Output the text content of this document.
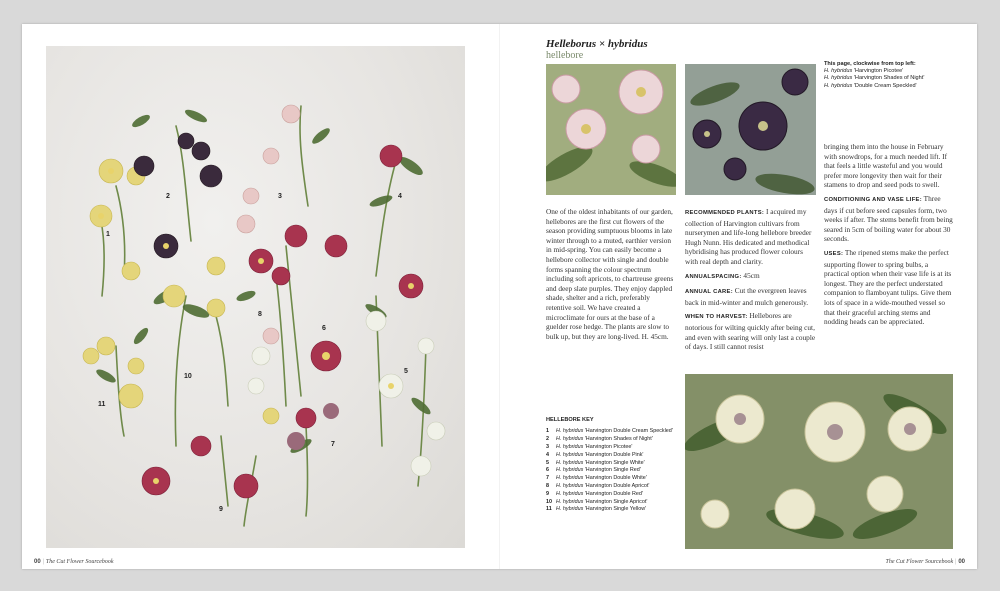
1
2	3	4
5
6
7
8
9
10
11
Helleborus × hybridus
hellebore
This page, clockwise from top left:
H. hybridus 'Harvington Picotee'
H. hybridus 'Harvington Shades of Night'
H. hybridus 'Double Cream Speckled'

One of the oldest inhabitants of our garden, hellebores are the first cut flowers of the season providing sumptuous blooms in late winter through to a muted, earthier version in mid-spring. You can easily become a hellebore collector with single and double forms spanning the colour spectrum including soft apricots, to chartreuse greens and deep slate purples. They enjoy dappled shade, shelter and a rich, preferably retentive soil. We have created a microclimate for ours at the base of a guelder rose hedge. The plants are slow to bulk up, but they are long-lived. H. 45cm.

RECOMMENDED PLANTS: I acquired my collection of Harvington cultivars from nurserymen and life-long hellebore breeder Hugh Nunn. His dedicated and methodical hybridising has produced flower colours with real depth and clarity.

ANNUALSPACING: 45cm

ANNUAL CARE: Cut the evergreen leaves back in mid-winter and mulch generously.

WHEN TO HARVEST: Hellebores are notorious for wilting quickly after being cut, and even with searing will only last a couple of days. I still cannot resist

bringing them into the house in February with snowdrops, for a much needed lift. If that feels a little wasteful and you would prefer more longevity then wait for their stamens to drop and seed pods to swell.

CONDITIONING AND VASE LIFE: Three days if cut before seed capsules form, two weeks if after. The stems benefit from being seared in 5cm of boiling water for about 30 seconds.

USES: The ripened stems make the perfect supporting flower to spring bulbs, a practical option when their vase life is at its longest. They are the perfect understated companion to flamboyant tulips. Give them lots of space in a wide-mouthed vessel so that their graceful arching stems and nodding heads can be appreciated.

HELLEBORE KEY
1	H. hybridus 'Harvington Double Cream Speckled'
2	H. hybridus 'Harvington Shades of Night'
3	H. hybridus 'Harvington Picotee'
4	H. hybridus 'Harvington Double Pink'
5	H. hybridus 'Harvington Single White'
6	H. hybridus 'Harvington Single Red'
7	H. hybridus 'Harvington Double White'
8	H. hybridus 'Harvington Double Apricot'
9	H. hybridus 'Harvington Double Red'
10 H. hybridus 'Harvington Single Apricot'
11 H. hybridus 'Harvington Single Yellow'
00 | The Cut Flower Sourcebook	The Cut Flower Sourcebook | 00
